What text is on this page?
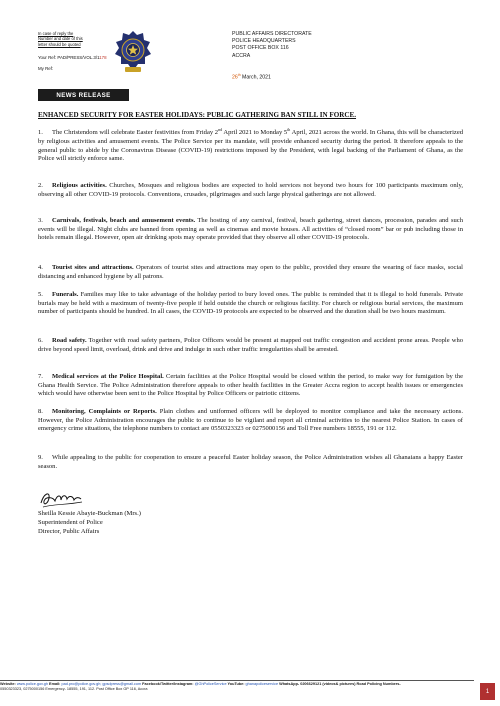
In case of reply the
Number and date of this
letter should be quoted
Your Ref: PAD/PRESS/VOL.3/1178
My Ref:
PUBLIC AFFAIRS DIRECTORATE
POLICE HEADQUARTERS
POST OFFICE BOX 116
ACCRA
26th March, 2021
NEWS RELEASE
ENHANCED SECURITY FOR EASTER HOLIDAYS: PUBLIC GATHERING BAN STILL IN FORCE.
1. The Christendom will celebrate Easter festivities from Friday 2nd April 2021 to Monday 5th April, 2021 across the world. In Ghana, this will be characterized by religious activities and amusement events. The Police Service per its mandate, will provide enhanced security during the period. It therefore appeals to the general public to abide by the Coronavirus Disease (COVID-19) restrictions imposed by the President, with legal backing of the Parliament of Ghana, as the Police will strictly enforce same.
2. Religious activities. Churches, Mosques and religious bodies are expected to hold services not beyond two hours for 100 participants maximum only, observing all other COVID-19 protocols. Conventions, crusades, pilgrimages and such large physical gatherings are not allowed.
3. Carnivals, festivals, beach and amusement events. The hosting of any carnival, festival, beach gathering, street dances, procession, parades and such events will be illegal. Night clubs are banned from opening as well as cinemas and movie houses. All activities of “closed room” bar or pub including those in hotels remain illegal. However, open air drinking spots may operate provided that they observe all other COVID-19 protocols.
4. Tourist sites and attractions. Operators of tourist sites and attractions may open to the public, provided they ensure the wearing of face masks, social distancing and enhanced hygiene by all patrons.
5. Funerals. Families may like to take advantage of the holiday period to bury loved ones. The public is reminded that it is illegal to hold funerals. Private burials may be held with a maximum of twenty-five people if held outside the church or religious facility. For church or religious burial services, the maximum number of participants should be hundred. In all cases, the COVID-19 protocols are expected to be observed and the duration shall be two hours maximum.
6. Road safety. Together with road safety partners, Police Officers would be present at mapped out traffic congestion and accident prone areas. People who drive beyond speed limit, overload, drink and drive and indulge in such other traffic irregularities shall be arrested.
7. Medical services at the Police Hospital. Certain facilities at the Police Hospital would be closed within the period, to make way for fumigation by the Ghana Health Service. The Police Administration therefore appeals to other health facilities in the Greater Accra region to accept health issues or emergencies which would have otherwise been sent to the Police Hospital by Police Officers or patriotic citizens.
8. Monitoring, Complaints or Reports. Plain clothes and uniformed officers will be deployed to monitor compliance and take the necessary actions. However, the Police Administration encourages the public to continue to be vigilant and report all criminal activities to the nearest Police Station. In cases of emergency crime situations, the telephone numbers to contact are 0550323323 or 0275000156 and Toll Free numbers 18555, 191 or 112.
9. While appealing to the public for cooperation to ensure a peaceful Easter holiday season, the Police Administration wishes all Ghanaians a happy Easter season.
Sheilla Kessie Abayie-Buckman (Mrs.)
Superintendent of Police
Director, Public Affairs
Website: www.police.gov.gh Email: pad.pro@police.gov.gh; gpsdpress@gmail.com Facebook/Twitter/Instagram: @GhPoliceService YouTube: ghanapoliceservice WhatsApp- 0206629121 (videos& pictures) Road Policing Numbers-
0550323323, 0275000156 Emergency- 18555, 191, 112. Post Office Box GP 116, Accra	1
